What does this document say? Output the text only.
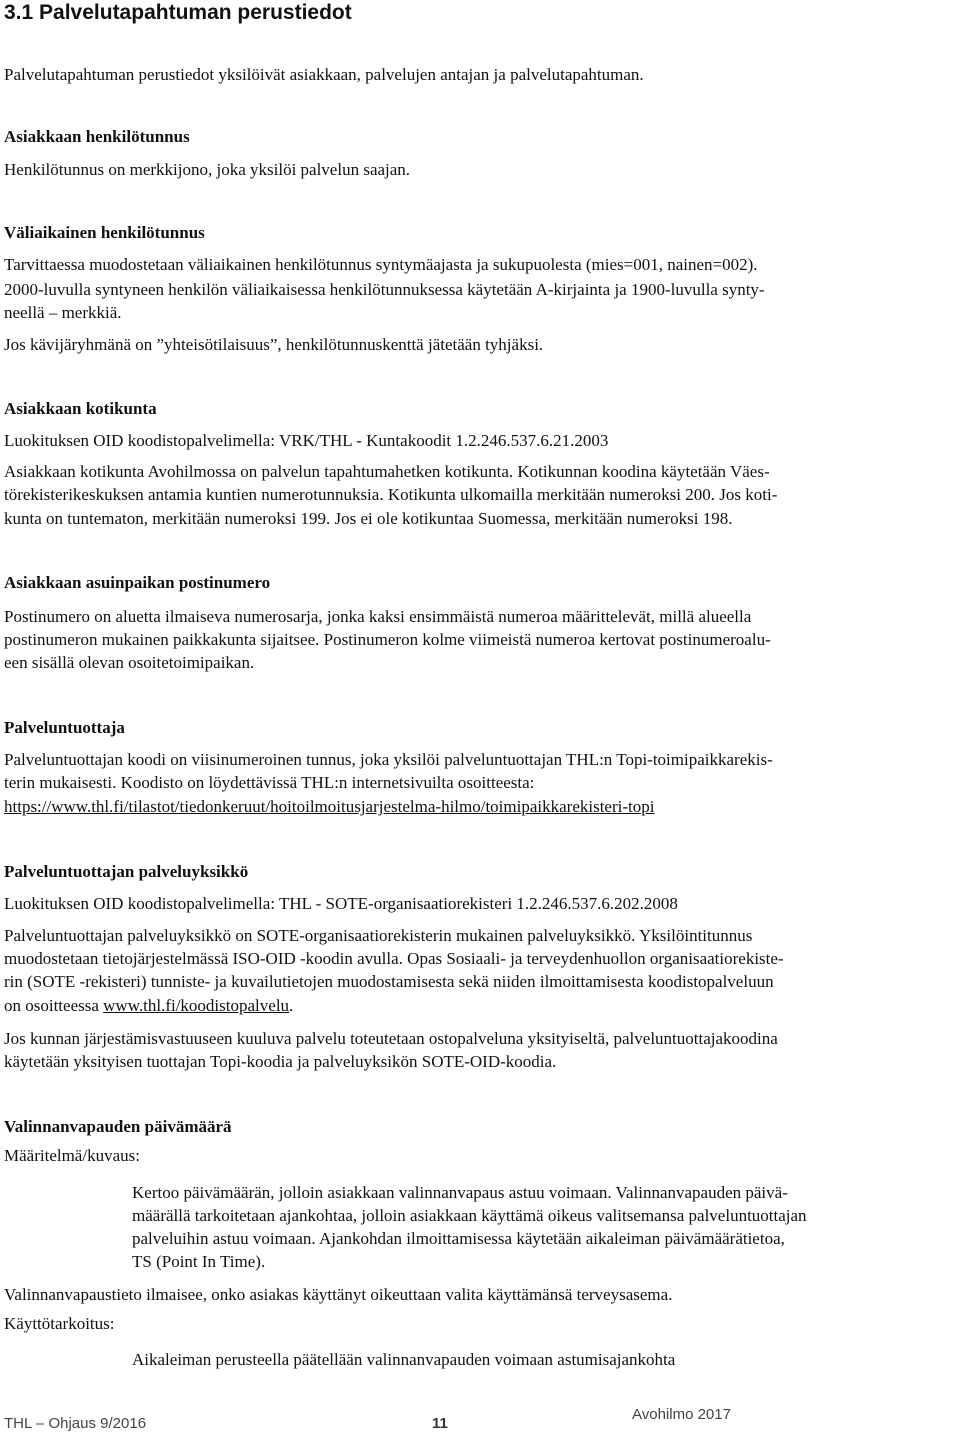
3.1 Palvelutapahtuman perustiedot

Palvelutapahtuman perustiedot yksilöivät asiakkaan, palvelujen antajan ja palvelutapahtuman.

Asiakkaan henkilötunnus

Henkilötunnus on merkkijono, joka yksilöi palvelun saajan.

Väliaikainen henkilötunnus

Tarvittaessa muodostetaan väliaikainen henkilötunnus syntymäajasta ja sukupuolesta (mies=001, nainen=002).

2000-luvulla syntyneen henkilön väliaikaisessa henkilötunnuksessa käytetään A-kirjainta ja 1900-luvulla synty-

neellä – merkkiä.

Jos kävijäryhmänä on ”yhteisötilaisuus”, henkilötunnuskenttä jätetään tyhjäksi.

Asiakkaan kotikunta

Luokituksen OID koodistopalvelimella: VRK/THL - Kuntakoodit 1.2.246.537.6.21.2003

Asiakkaan kotikunta Avohilmossa on palvelun tapahtumahetken kotikunta. Kotikunnan koodina käytetään Väes-

törekisterikeskuksen antamia kuntien numerotunnuksia. Kotikunta ulkomailla merkitään numeroksi 200. Jos koti-

kunta on tuntematon, merkitään numeroksi 199. Jos ei ole kotikuntaa Suomessa, merkitään numeroksi 198.

Asiakkaan asuinpaikan postinumero

Postinumero on aluetta ilmaiseva numerosarja, jonka kaksi ensimmäistä numeroa määrittelevät, millä alueella

postinumeron mukainen paikkakunta sijaitsee. Postinumeron kolme viimeistä numeroa kertovat postinumeroalu-

een sisällä olevan osoitetoimipaikan.

Palveluntuottaja

Palveluntuottajan koodi on viisinumeroinen tunnus, joka yksilöi palveluntuottajan THL:n Topi-toimipaikkarekis-

terin mukaisesti. Koodisto on löydettävissä THL:n internetsivuilta osoitteesta:

https://www.thl.fi/tilastot/tiedonkeruut/hoitoilmoitusjarjestelma-hilmo/toimipaikkarekisteri-topi

Palveluntuottajan palveluyksikkö

Luokituksen OID koodistopalvelimella: THL - SOTE-organisaatiorekisteri 1.2.246.537.6.202.2008

Palveluntuottajan palveluyksikkö on SOTE-organisaatiorekisterin mukainen palveluyksikkö. Yksilöintitunnus

muodostetaan tietojärjestelmässä ISO-OID -koodin avulla. Opas Sosiaali- ja terveydenhuollon organisaatiorekiste-

rin (SOTE -rekisteri) tunniste- ja kuvailutietojen muodostamisesta sekä niiden ilmoittamisesta koodistopalveluun

on osoitteessa www.thl.fi/koodistopalvelu.

Jos kunnan järjestämisvastuuseen kuuluva palvelu toteutetaan ostopalveluna yksityiseltä, palveluntuottajakoodina

käytetään yksityisen tuottajan Topi-koodia ja palveluyksikön SOTE-OID-koodia.

Valinnanvapauden päivämäärä

Määritelmä/kuvaus:

Kertoo päivämäärän, jolloin asiakkaan valinnanvapaus astuu voimaan. Valinnanvapauden päivä-

määrällä tarkoitetaan ajankohtaa, jolloin asiakkaan käyttämä oikeus valitsemansa palveluntuottajan

palveluihin astuu voimaan. Ajankohdan ilmoittamisessa käytetään aikaleiman päivämäärätietoa,

TS (Point In Time).

Valinnanvapaustieto ilmaisee, onko asiakas käyttänyt oikeuttaan valita käyttämänsä terveysasema.

Käyttötarkoitus:

Aikaleiman perusteella päätellään valinnanvapauden voimaan astumisajankohta

THL – Ohjaus 9/2016	11
Avohilmo 2017
